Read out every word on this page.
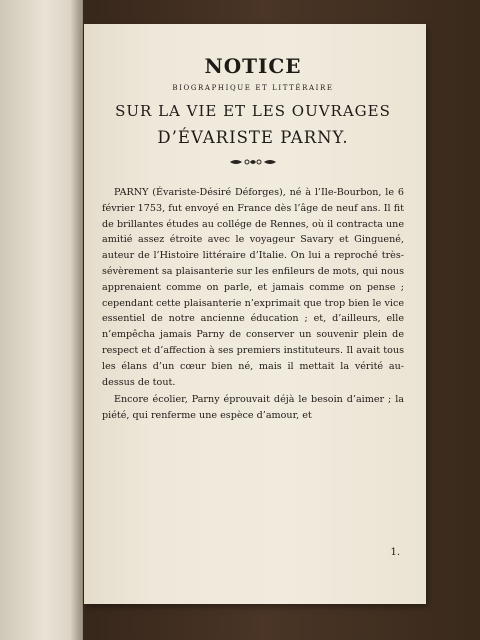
NOTICE
BIOGRAPHIQUE ET LITTÉRAIRE
SUR LA VIE ET LES OUVRAGES
D’ÉVARISTE PARNY.

PARNY (Évariste-Désiré Déforges), né à l’Ile-Bourbon, le 6 février 1753, fut envoyé en France dès l’âge de neuf ans. Il fit de brillantes études au collége de Rennes, où il contracta une amitié assez étroite avec le voyageur Savary et Ginguené, auteur de l’Histoire littéraire d’Italie. On lui a reproché très-sévèrement sa plaisanterie sur les enfileurs de mots, qui nous apprenaient comme on parle, et jamais comme on pense ; cependant cette plaisanterie n’exprimait que trop bien le vice essentiel de notre ancienne éducation ; et, d’ailleurs, elle n’empêcha jamais Parny de conserver un souvenir plein de respect et d’affection à ses premiers instituteurs. Il avait tous les élans d’un cœur bien né, mais il mettait la vérité au-dessus de tout.

Encore écolier, Parny éprouvait déjà le besoin d’aimer ; la piété, qui renferme une espèce d’amour, et

1.
